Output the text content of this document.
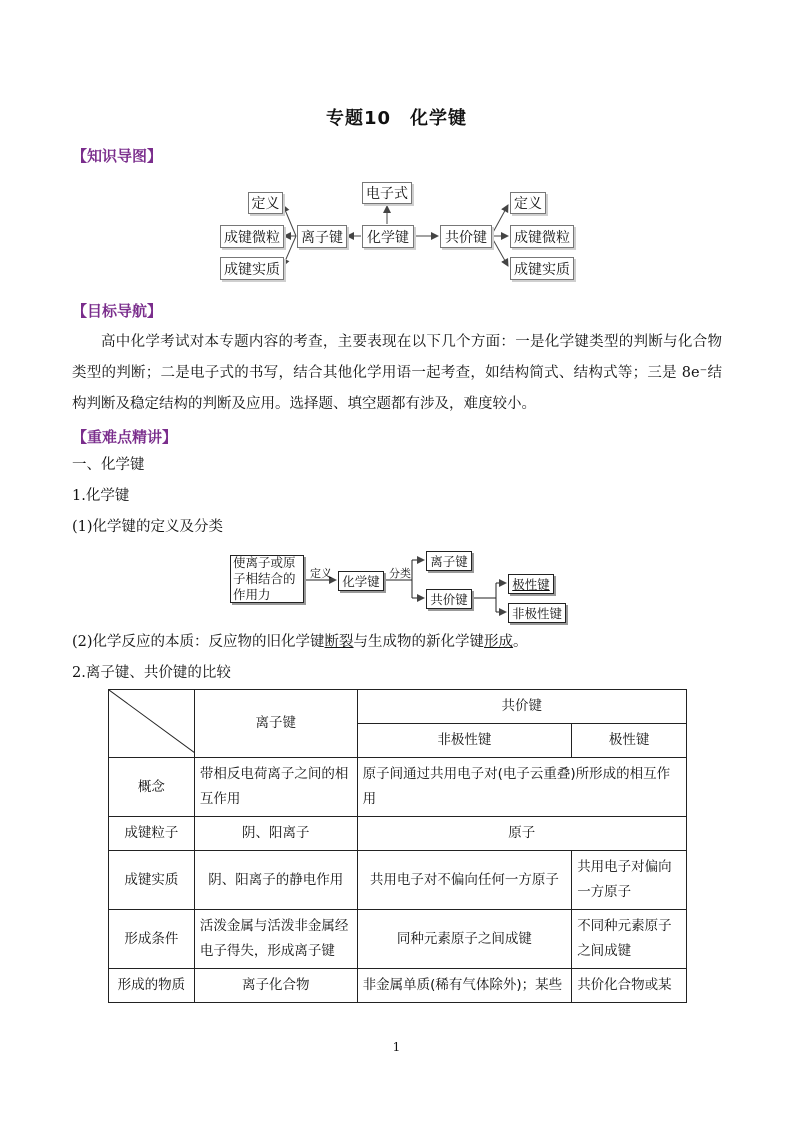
专题10　化学键
【知识导图】
电子式
化学键
离子键	共价键
定义
成键微粒
成键实质
定义
成键微粒
成键实质
【目标导航】
高中化学考试对本专题内容的考查，主要表现在以下几个方面：一是化学键类型的判断与化合物类型的判断；二是电子式的书写，结合其他化学用语一起考查，如结构简式、结构式等；三是 8e⁻结构判断及稳定结构的判断及应用。选择题、填空题都有涉及，难度较小。
【重难点精讲】
一、化学键
1.化学键
(1)化学键的定义及分类
使离子或原子相结合的作用力
定义
化学键
分类
离子键
共价键
极性键
非极性键
(2)化学反应的本质：反应物的旧化学键断裂与生成物的新化学键形成。
2.离子键、共价键的比较
	离子键	共价键	
		非极性键	极性键
概念	带相反电荷离子之间的相互作用	原子间通过共用电子对(电子云重叠)所形成的相互作用	
成键粒子	阴、阳离子	原子	
成键实质	阴、阳离子的静电作用	共用电子对不偏向任何一方原子	共用电子对偏向一方原子
形成条件	活泼金属与活泼非金属经电子得失，形成离子键	同种元素原子之间成键	不同种元素原子之间成键
形成的物质	离子化合物	非金属单质(稀有气体除外)；某些	共价化合物或某
1
